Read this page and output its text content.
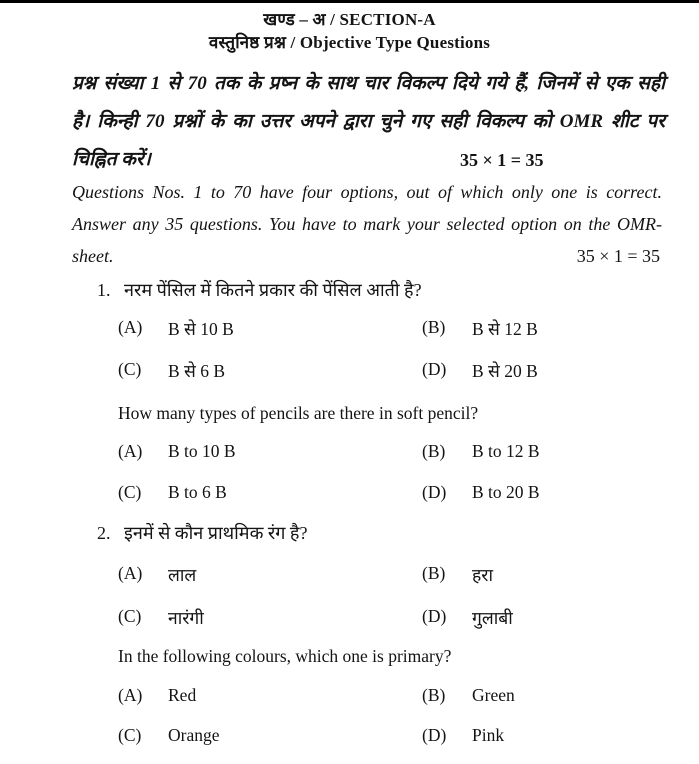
खण्ड – अ / SECTION-A
वस्तुनिष्ठ प्रश्न / Objective Type Questions
प्रश्न संख्या 1 से 70 तक के प्रष्न के साथ चार विकल्प दिये गये हैं, जिनमें से एक सही
है। किन्ही 70 प्रश्नों के का उत्तर अपने द्वारा चुने गए सही विकल्प को OMR शीट पर
चिह्नित करें।	35 × 1 = 35
Questions Nos. 1 to 70 have four options, out of which only one is correct.
Answer any 35 questions. You have to mark your selected option on the OMR-
sheet.	35 × 1 = 35
1. नरम पेंसिल में कितने प्रकार की पेंसिल आती है?
(A)	B से 10 B	(B)	B से 12 B
(C)	B से 6 B	(D)	B से 20 B
How many types of pencils are there in soft pencil?
(A)	B to 10 B	(B)	B to 12 B
(C)	B to 6 B	(D)	B to 20 B
2. इनमें से कौन प्राथमिक रंग है?
(A)	लाल	(B)	हरा
(C)	नारंगी	(D)	गुलाबी
In the following colours, which one is primary?
(A)	Red	(B)	Green
(C)	Orange	(D)	Pink
